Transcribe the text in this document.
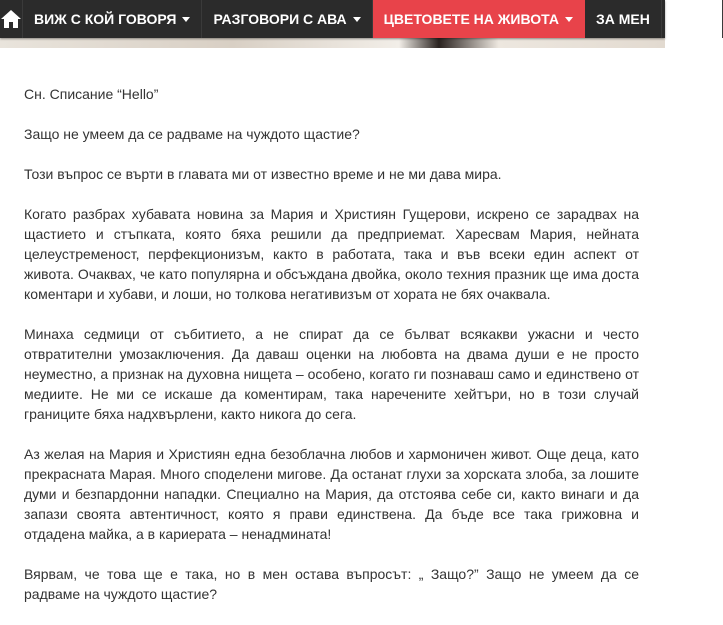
ВИЖ С КОЙ ГОВОРЯ	РАЗГОВОРИ С АВА	ЦВЕТОВЕТЕ НА ЖИВОТА	ЗА МЕН КОНТ

Сн. Списание “Hello”

Защо не умеем да се радваме на чуждото щастие?

Този въпрос се върти в главата ми от известно време и не ми дава мира.

Когато разбрах хубавата новина за Мария и Християн Гущерови, искрено се зарадвах на щастието и стъпката, която бяха решили да предприемат. Харесвам Мария, нейната целеустременост, перфекционизъм, както в работата, така и във всеки един аспект от живота. Очаквах, че като популярна и обсъждана двойка, около техния празник ще има доста коментари и хубави, и лоши, но толкова негативизъм от хората не бях очаквала.

Минаха седмици от събитието, а не спират да се бълват всякакви ужасни и често отвратителни умозаключения. Да даваш оценки на любовта на двама души е не просто неуместно, а признак на духовна нищета – особено, когато ги познаваш само и единствено от медиите. Не ми се искаше да коментирам, така наречените хейтъри, но в този случай границите бяха надхвърлени, както никога до сега.

Аз желая на Мария и Християн една безоблачна любов и хармоничен живот. Още деца, като прекрасната Марая. Много споделени мигове. Да останат глухи за хорската злоба, за лошите думи и безпардонни нападки. Специално на Мария, да отстоява себе си, както винаги и да запази своята автентичност, която я прави единствена. Да бъде все така грижовна и отдадена майка, а в кариерата – ненадмината!

Вярвам, че това ще е така, но в мен остава въпросът: „ Защо?” Защо не умеем да се радваме на чуждото щастие?
